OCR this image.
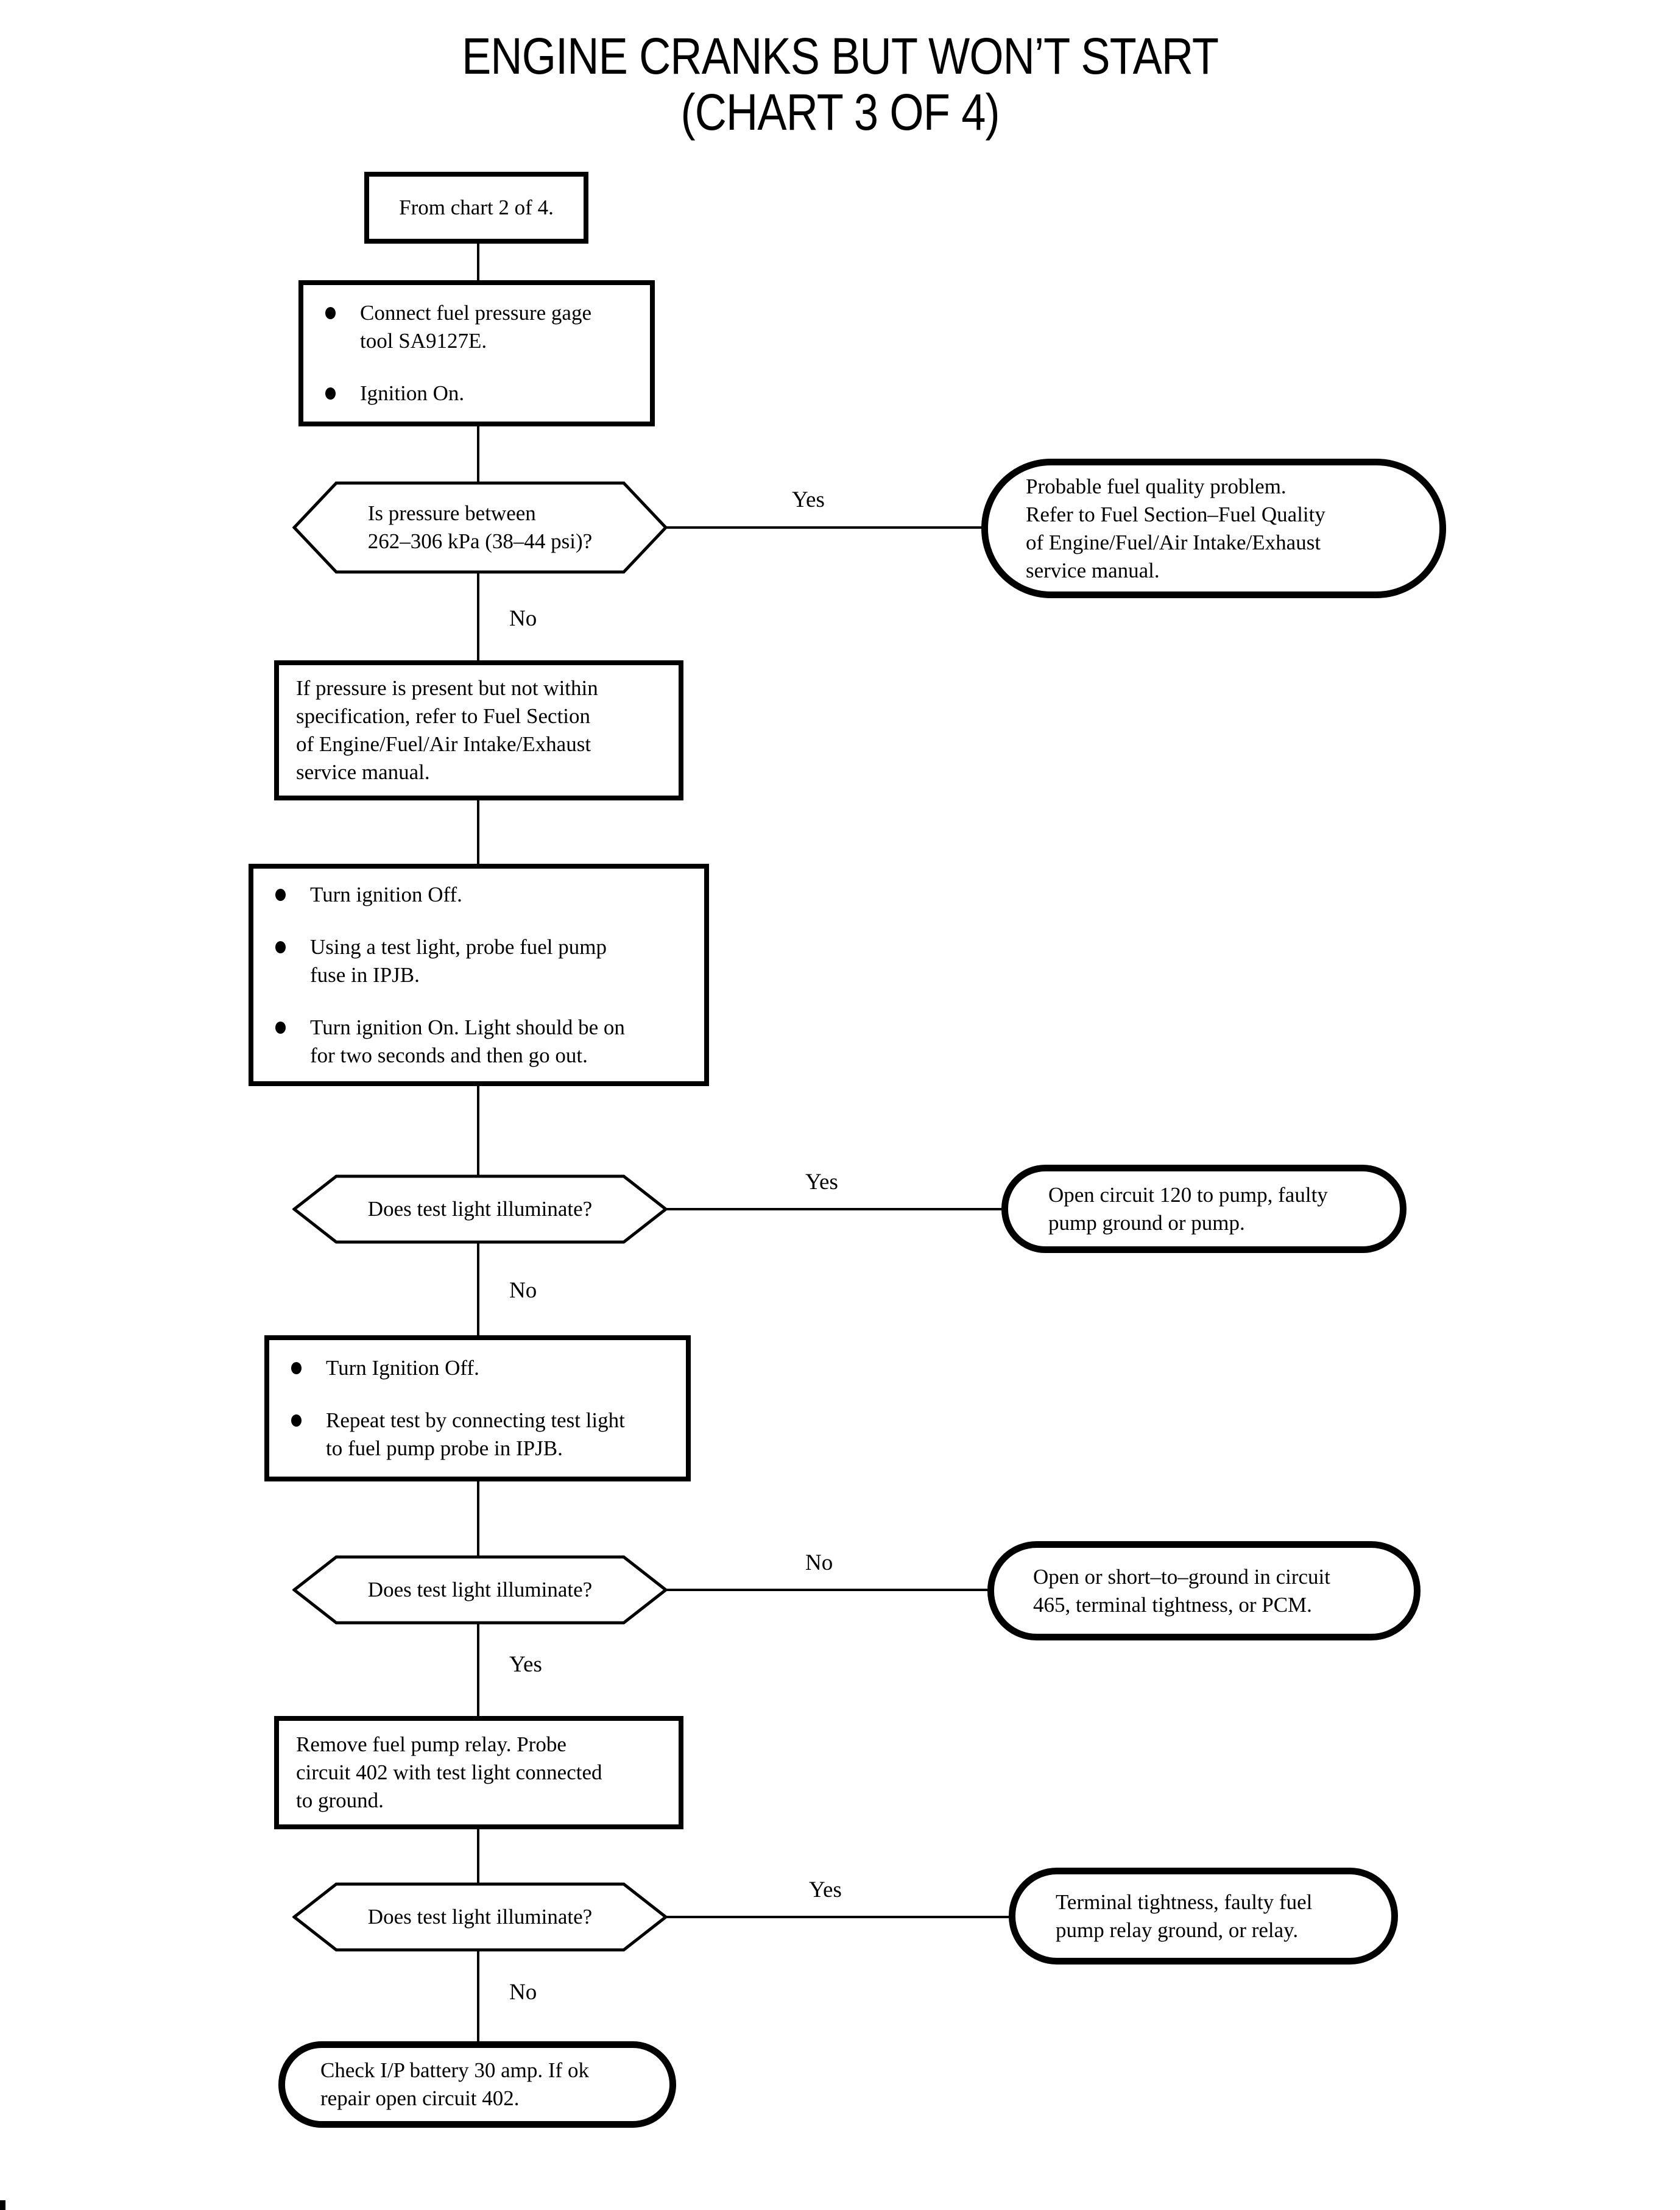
ENGINE CRANKS BUT WON’T START
(CHART 3 OF 4)
From chart 2 of 4.
Connect fuel pressure gage
tool SA9127E.
Ignition On.
Is pressure between
262–306 kPa (38–44 psi)?
Yes
Probable fuel quality problem.
Refer to Fuel Section–Fuel Quality
of Engine/Fuel/Air Intake/Exhaust
service manual.
No
If pressure is present but not within
specification, refer to Fuel Section
of Engine/Fuel/Air Intake/Exhaust
service manual.
Turn ignition Off.
Using a test light, probe fuel pump
fuse in IPJB.
Turn ignition On. Light should be on
for two seconds and then go out.
Does test light illuminate?
Yes	Open circuit 120 to pump, faulty
pump ground or pump.
No
Turn Ignition Off.
Repeat test by connecting test light
to fuel pump probe in IPJB.
Does test light illuminate?
No
Open or short–to–ground in circuit
465, terminal tightness, or PCM.
Yes
Remove fuel pump relay. Probe
circuit 402 with test light connected
to ground.
Does test light illuminate?
Yes	Terminal tightness, faulty fuel
pump relay ground, or relay.
No
Check I/P battery 30 amp. If ok
repair open circuit 402.
